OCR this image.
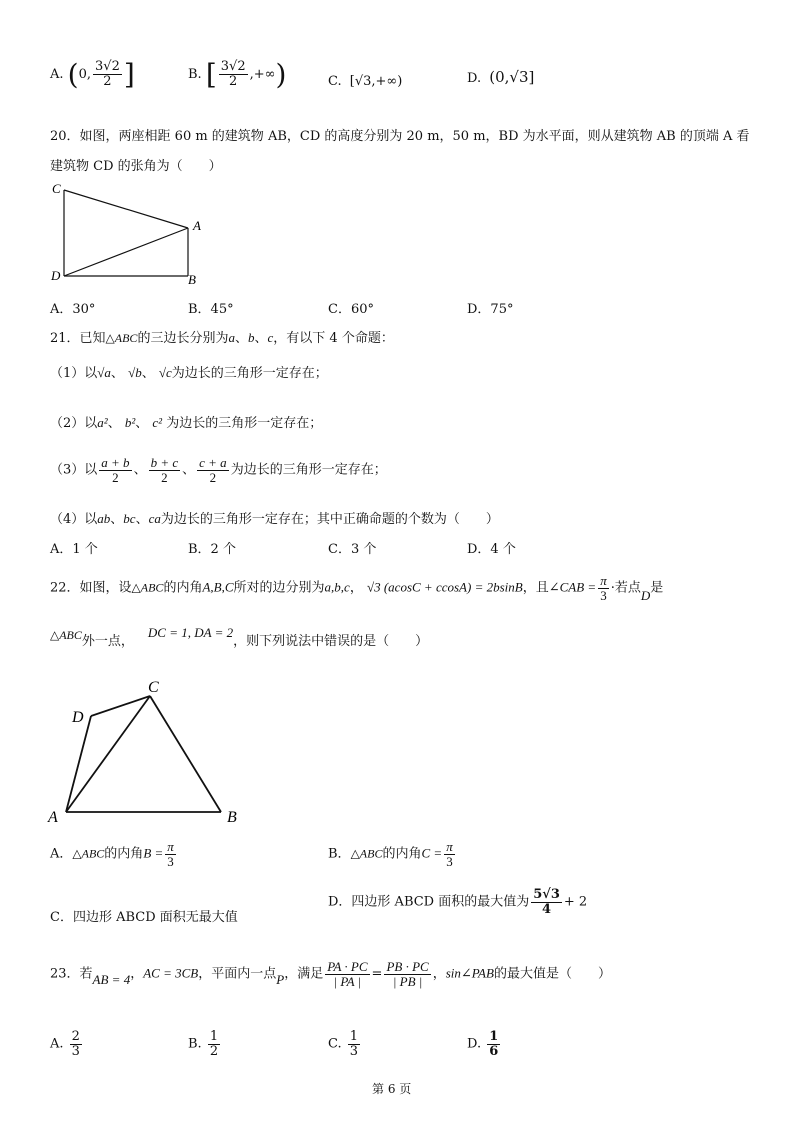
A. (0, $\frac{3√2}{2}$ ]	B. [ $\frac{3√2}{2}$ ,+∞)	C. [√3,+∞)	D. (0,√3]
20．如图，两座相距 60 m 的建筑物 AB，CD 的高度分别为 20 m，50 m，BD 为水平面，则从建筑物 AB 的顶端 A 看
建筑物 CD 的张角为（　　）
C
A
D	B
A．30°	B．45°	C．60°	D．75°
21．已知△ABC的三边长分别为a、b、c，有以下 4 个命题：
（1）以√a、 √b、 √c为边长的三角形一定存在；
（2）以a²、 b²、 c² 为边长的三角形一定存在；
（3）以 $\frac{a + b}{2}$ 、 $\frac{b + c}{2}$ 、 $\frac{c + a}{2}$ 为边长的三角形一定存在；
（4）以ab、bc、ca为边长的三角形一定存在；其中正确命题的个数为（　　）
A．1 个	B．2 个	C．3 个	D．4 个
22．如图，设△ABC的内角A,B,C所对的边分别为a,b,c， √3 (acosC + ccosA) = 2bsinB，且∠CAB = $\frac{\pi}{3}$ ·若点D是
△ABC外一点，DC = 1, DA = 2，则下列说法中错误的是（　　）
C
D
A	B
A．△ABC的内角$B = \frac{\pi}{3}$	B．△ABC的内角$C = \frac{\pi}{3}$
C．四边形 ABCD 面积无最大值
D．四边形 ABCD 面积的最大值为 $\frac{5√3}{4} + 2$
23．若AB = 4，AC = 3CB，平面内一点P，满足 $\frac{PA \cdot PC}{| PA |} = \frac{PB \cdot PC}{| PB |}$ ，sin∠PAB的最大值是（　　）
A. $\frac{2}{3}$	B. $\frac{1}{2}$	C. $\frac{1}{3}$	D. $\frac{1}{6}$
第 6 页
